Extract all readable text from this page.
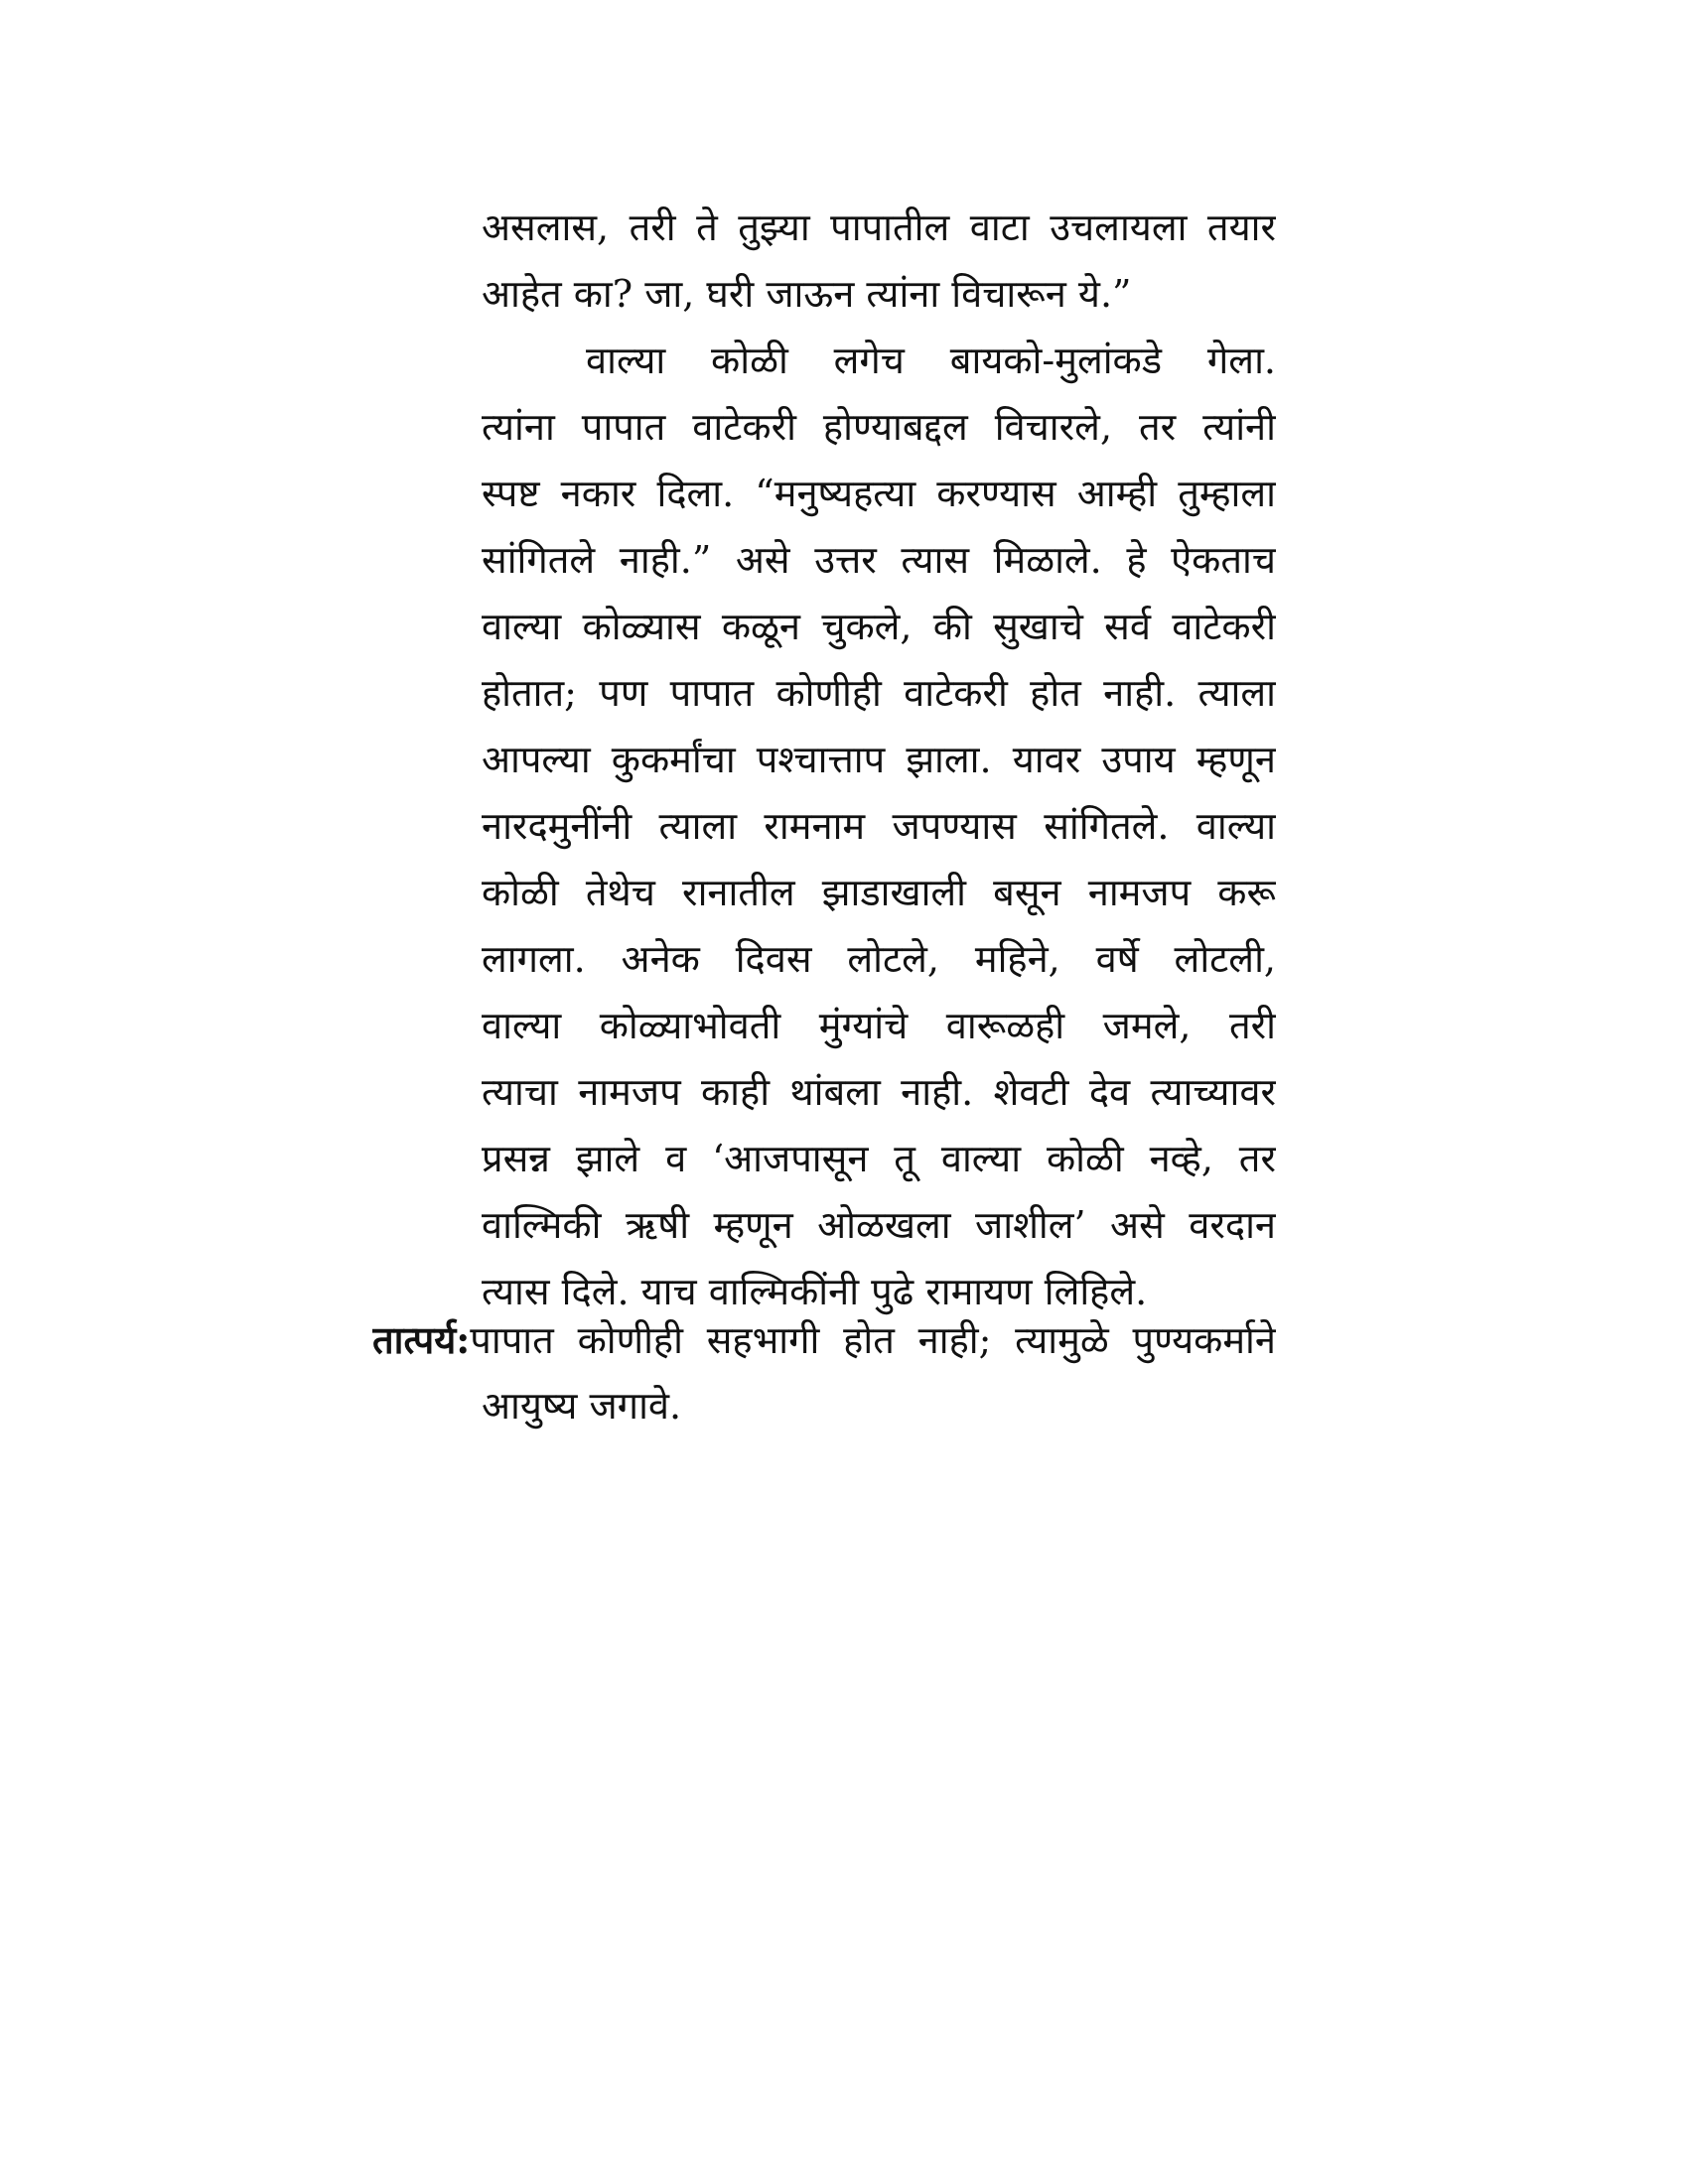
असलास, तरी ते तुझ्या पापातील वाटा उचलायला तयार
आहेत का? जा, घरी जाऊन त्यांना विचारून ये.”
वाल्या कोळी लगेच बायको-मुलांकडे गेला.
त्यांना पापात वाटेकरी होण्याबद्दल विचारले, तर त्यांनी
स्पष्ट नकार दिला. “मनुष्यहत्या करण्यास आम्ही तुम्हाला
सांगितले नाही.” असे उत्तर त्यास मिळाले. हे ऐकताच
वाल्या कोळ्यास कळून चुकले, की सुखाचे सर्व वाटेकरी
होतात; पण पापात कोणीही वाटेकरी होत नाही. त्याला
आपल्या कुकर्मांचा पश्चात्ताप झाला. यावर उपाय म्हणून
नारदमुनींनी त्याला रामनाम जपण्यास सांगितले. वाल्या
कोळी तेथेच रानातील झाडाखाली बसून नामजप करू
लागला. अनेक दिवस लोटले, महिने, वर्षे लोटली,
वाल्या कोळ्याभोवती मुंग्यांचे वारूळही जमले, तरी
त्याचा नामजप काही थांबला नाही. शेवटी देव त्याच्यावर
प्रसन्न झाले व ‘आजपासून तू वाल्या कोळी नव्हे, तर
वाल्मिकी ऋषी म्हणून ओळखला जाशील’ असे वरदान
त्यास दिले. याच वाल्मिकींनी पुढे रामायण लिहिले.
तात्पर्य: पापात कोणीही सहभागी होत नाही; त्यामुळे पुण्यकर्माने
आयुष्य जगावे.
